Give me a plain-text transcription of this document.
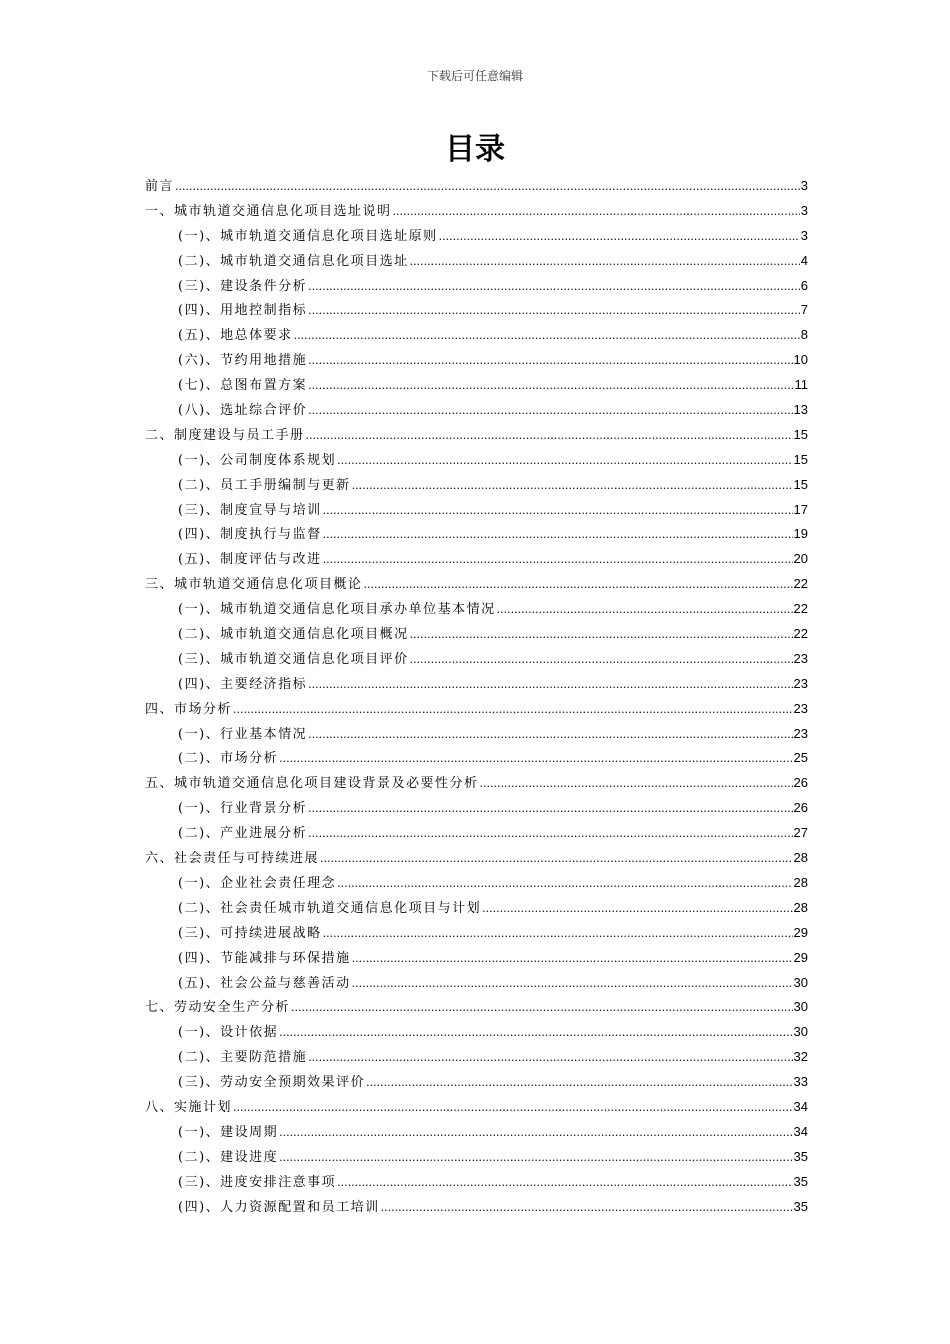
下载后可任意编辑
目录
前言 .....	3
一、城市轨道交通信息化项目选址说明 .....	3
(一)、城市轨道交通信息化项目选址原则 .....	3
(二)、城市轨道交通信息化项目选址 .....	4
(三)、建设条件分析 .....	6
(四)、用地控制指标 .....	7
(五)、地总体要求 .....	8
(六)、节约用地措施 .....	10
(七)、总图布置方案 .....	11
(八)、选址综合评价 .....	13
二、制度建设与员工手册 .....	15
(一)、公司制度体系规划 .....	15
(二)、员工手册编制与更新 .....	15
(三)、制度宣导与培训 .....	17
(四)、制度执行与监督 .....	19
(五)、制度评估与改进 .....	20
三、城市轨道交通信息化项目概论 .....	22
(一)、城市轨道交通信息化项目承办单位基本情况 .....	22
(二)、城市轨道交通信息化项目概况 .....	22
(三)、城市轨道交通信息化项目评价 .....	23
(四)、主要经济指标 .....	23
四、市场分析 .....	23
(一)、行业基本情况 .....	23
(二)、市场分析 .....	25
五、城市轨道交通信息化项目建设背景及必要性分析 .....	26
(一)、行业背景分析 .....	26
(二)、产业进展分析 .....	27
六、社会责任与可持续进展 .....	28
(一)、企业社会责任理念 .....	28
(二)、社会责任城市轨道交通信息化项目与计划 .....	28
(三)、可持续进展战略 .....	29
(四)、节能减排与环保措施 .....	29
(五)、社会公益与慈善活动 .....	30
七、劳动安全生产分析 .....	30
(一)、设计依据 .....	30
(二)、主要防范措施 .....	32
(三)、劳动安全预期效果评价 .....	33
八、实施计划 .....	34
(一)、建设周期 .....	34
(二)、建设进度 .....	35
(三)、进度安排注意事项 .....	35
(四)、人力资源配置和员工培训 .....	35
